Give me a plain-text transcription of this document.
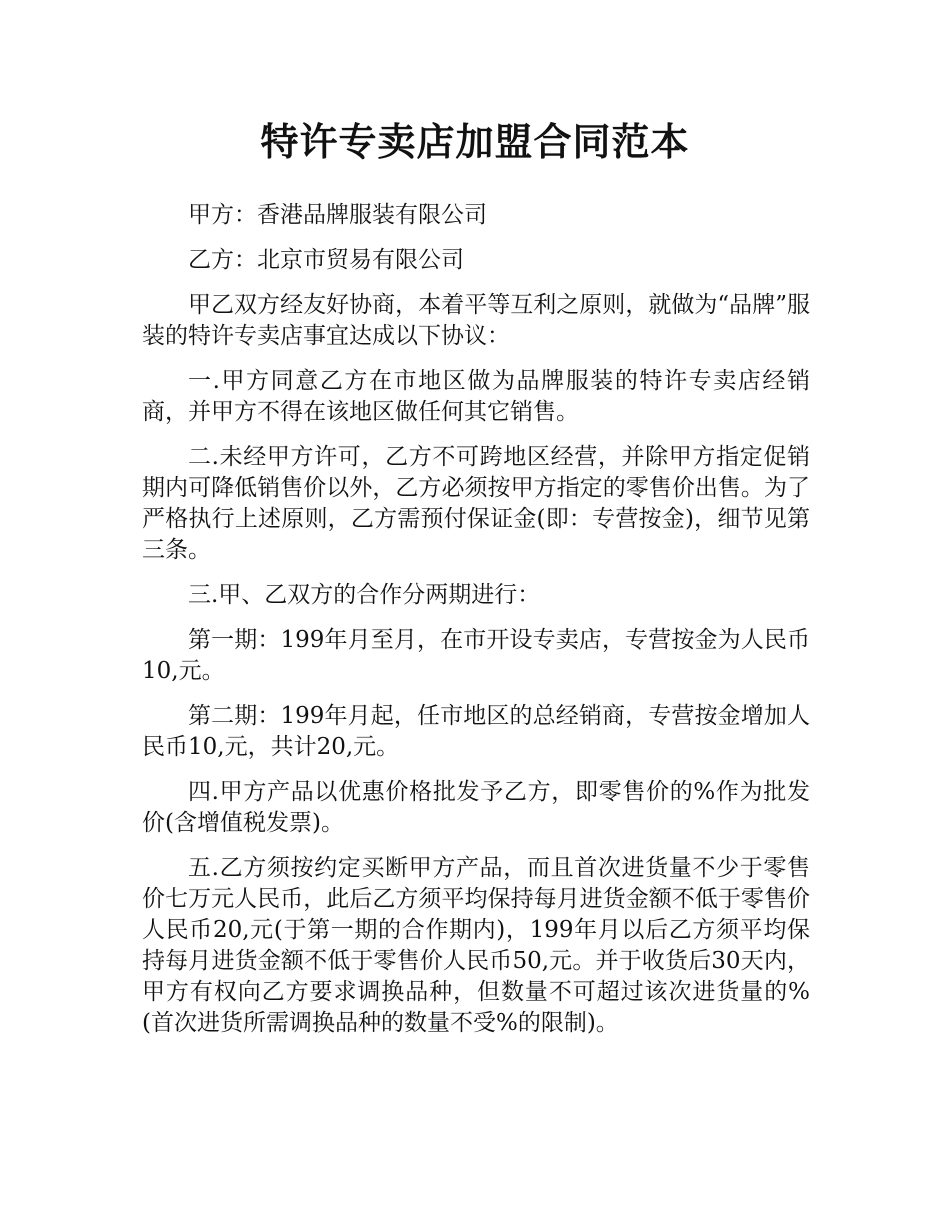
特许专卖店加盟合同范本

甲方：香港品牌服装有限公司

乙方：北京市贸易有限公司

甲乙双方经友好协商，本着平等互利之原则，就做为“品牌”服装的特许专卖店事宜达成以下协议：

一.甲方同意乙方在市地区做为品牌服装的特许专卖店经销商，并甲方不得在该地区做任何其它销售。

二.未经甲方许可，乙方不可跨地区经营，并除甲方指定促销期内可降低销售价以外，乙方必须按甲方指定的零售价出售。为了严格执行上述原则，乙方需预付保证金(即：专营按金)，细节见第三条。

三.甲、乙双方的合作分两期进行：

第一期：199年月至月，在市开设专卖店，专营按金为人民币10,元。

第二期：199年月起，任市地区的总经销商，专营按金增加人民币10,元，共计20,元。

四.甲方产品以优惠价格批发予乙方，即零售价的%作为批发价(含增值税发票)。

五.乙方须按约定买断甲方产品，而且首次进货量不少于零售价七万元人民币，此后乙方须平均保持每月进货金额不低于零售价人民币20,元(于第一期的合作期内)，199年月以后乙方须平均保持每月进货金额不低于零售价人民币50,元。并于收货后30天内，甲方有权向乙方要求调换品种，但数量不可超过该次进货量的%(首次进货所需调换品种的数量不受%的限制)。
